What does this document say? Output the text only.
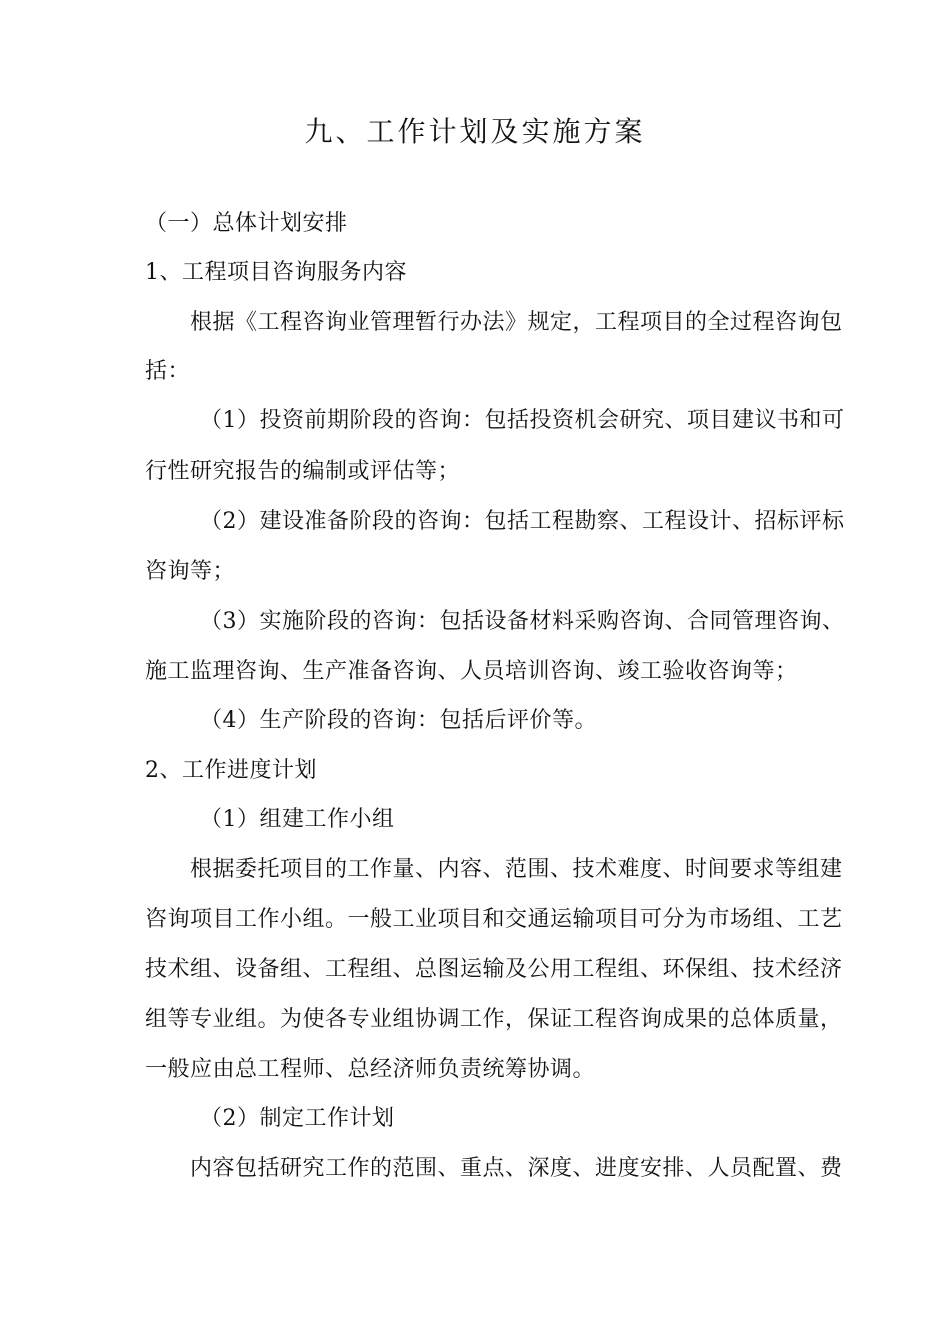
九、工作计划及实施方案
（一）总体计划安排
1、工程项目咨询服务内容
根据《工程咨询业管理暂行办法》规定，工程项目的全过程咨询包
括：
（1）投资前期阶段的咨询：包括投资机会研究、项目建议书和可
行性研究报告的编制或评估等；
（2）建设准备阶段的咨询：包括工程勘察、工程设计、招标评标
咨询等；
（3）实施阶段的咨询：包括设备材料采购咨询、合同管理咨询、
施工监理咨询、生产准备咨询、人员培训咨询、竣工验收咨询等；
（4）生产阶段的咨询：包括后评价等。
2、工作进度计划
（1）组建工作小组
根据委托项目的工作量、内容、范围、技术难度、时间要求等组建
咨询项目工作小组。一般工业项目和交通运输项目可分为市场组、工艺
技术组、设备组、工程组、总图运输及公用工程组、环保组、技术经济
组等专业组。为使各专业组协调工作，保证工程咨询成果的总体质量，
一般应由总工程师、总经济师负责统筹协调。
（2）制定工作计划
内容包括研究工作的范围、重点、深度、进度安排、人员配置、费
